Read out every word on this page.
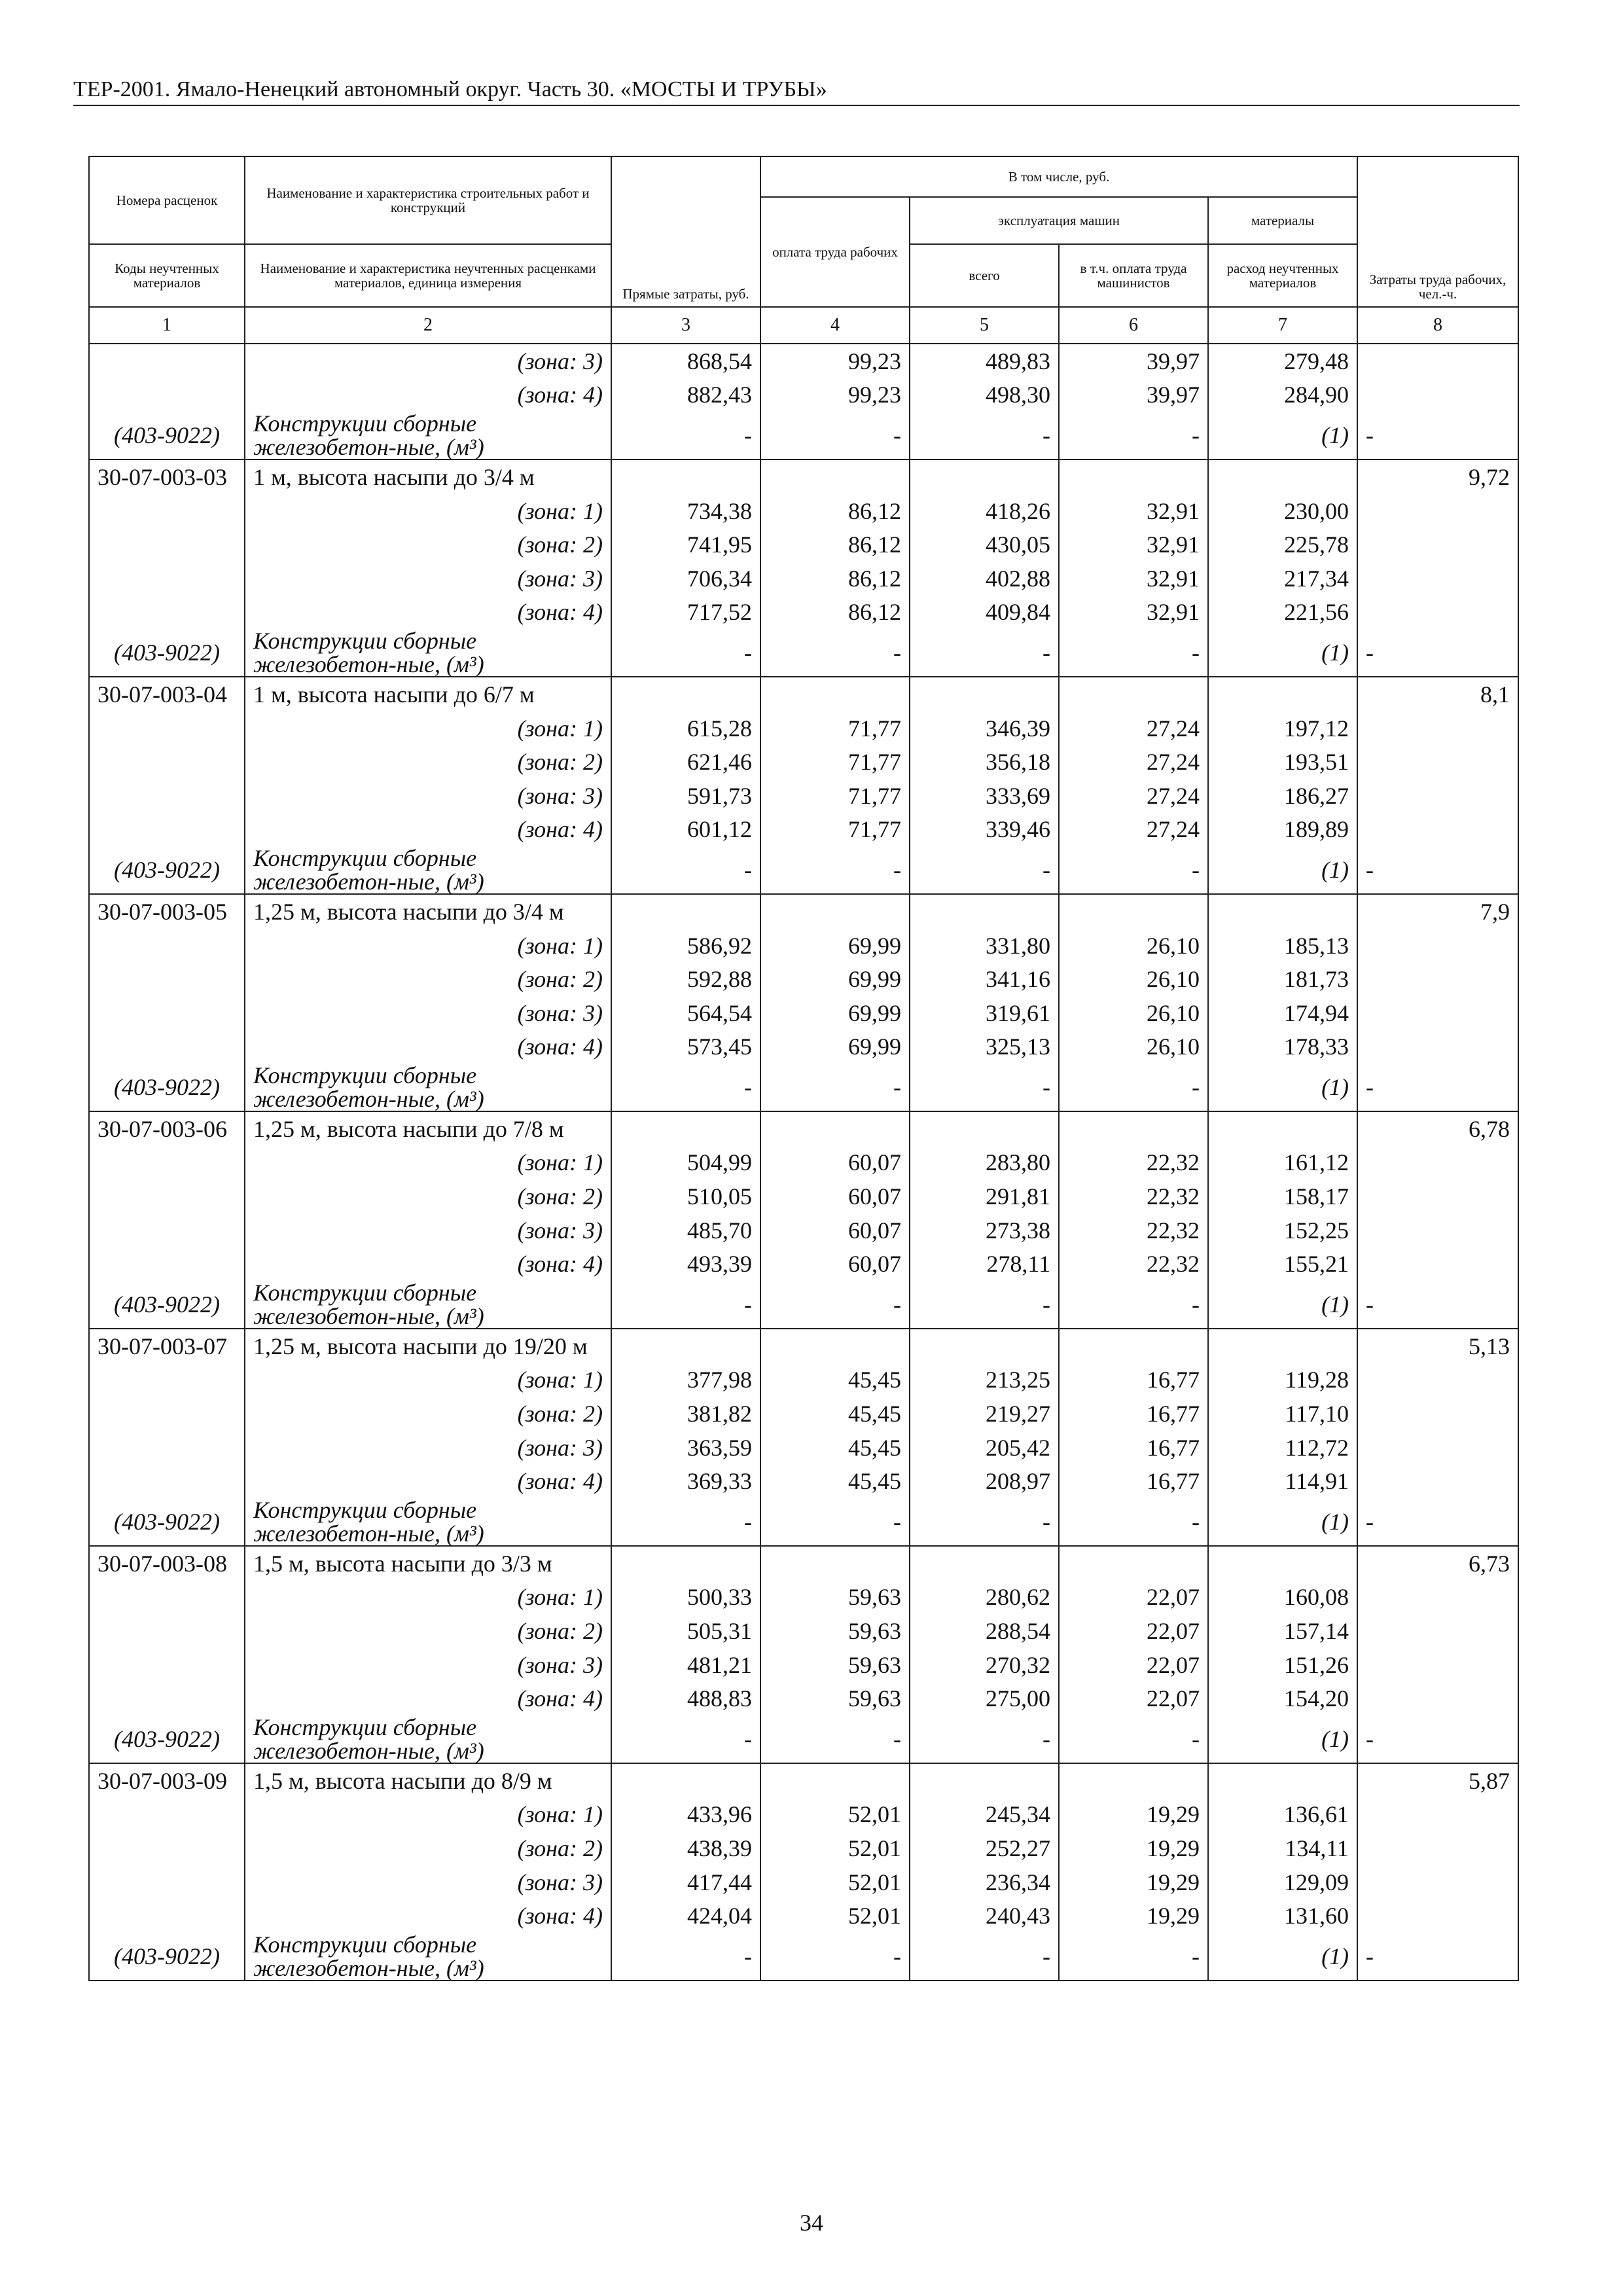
ТЕР-2001. Ямало-Ненецкий автономный округ. Часть 30. «МОСТЫ И ТРУБЫ»
Номера расценок	Наименование и характеристика строительных работ и конструкций	Прямые затраты, руб.	В том числе, руб.				Затраты труда рабочих, чел.-ч.
			оплата труда рабочих	эксплуатация машин		материалы	
Коды неучтенных материалов	Наименование и характеристика неучтенных расценками материалов, единица измерения			всего	в т.ч. оплата труда машинистов	расход неучтенных материалов	
1	2	3	4	5	6	7	8
	(зона: 3)	868,54	99,23	489,83	39,97	279,48	
	(зона: 4)	882,43	99,23	498,30	39,97	284,90	
(403-9022)	Конструкции сборные железобетон-ные, (м³)	-	-	-	-	(1)	-
30-07-003-03	1 м, высота насыпи до 3/4 м						9,72
	(зона: 1)	734,38	86,12	418,26	32,91	230,00	
	(зона: 2)	741,95	86,12	430,05	32,91	225,78	
	(зона: 3)	706,34	86,12	402,88	32,91	217,34	
	(зона: 4)	717,52	86,12	409,84	32,91	221,56	
(403-9022)	Конструкции сборные железобетон-ные, (м³)	-	-	-	-	(1)	-
30-07-003-04	1 м, высота насыпи до 6/7 м						8,1
	(зона: 1)	615,28	71,77	346,39	27,24	197,12	
	(зона: 2)	621,46	71,77	356,18	27,24	193,51	
	(зона: 3)	591,73	71,77	333,69	27,24	186,27	
	(зона: 4)	601,12	71,77	339,46	27,24	189,89	
(403-9022)	Конструкции сборные железобетон-ные, (м³)	-	-	-	-	(1)	-
30-07-003-05	1,25 м, высота насыпи до 3/4 м						7,9
	(зона: 1)	586,92	69,99	331,80	26,10	185,13	
	(зона: 2)	592,88	69,99	341,16	26,10	181,73	
	(зона: 3)	564,54	69,99	319,61	26,10	174,94	
	(зона: 4)	573,45	69,99	325,13	26,10	178,33	
(403-9022)	Конструкции сборные железобетон-ные, (м³)	-	-	-	-	(1)	-
30-07-003-06	1,25 м, высота насыпи до 7/8 м						6,78
	(зона: 1)	504,99	60,07	283,80	22,32	161,12	
	(зона: 2)	510,05	60,07	291,81	22,32	158,17	
	(зона: 3)	485,70	60,07	273,38	22,32	152,25	
	(зона: 4)	493,39	60,07	278,11	22,32	155,21	
(403-9022)	Конструкции сборные железобетон-ные, (м³)	-	-	-	-	(1)	-
30-07-003-07	1,25 м, высота насыпи до 19/20 м						5,13
	(зона: 1)	377,98	45,45	213,25	16,77	119,28	
	(зона: 2)	381,82	45,45	219,27	16,77	117,10	
	(зона: 3)	363,59	45,45	205,42	16,77	112,72	
	(зона: 4)	369,33	45,45	208,97	16,77	114,91	
(403-9022)	Конструкции сборные железобетон-ные, (м³)	-	-	-	-	(1)	-
30-07-003-08	1,5 м, высота насыпи до 3/3 м						6,73
	(зона: 1)	500,33	59,63	280,62	22,07	160,08	
	(зона: 2)	505,31	59,63	288,54	22,07	157,14	
	(зона: 3)	481,21	59,63	270,32	22,07	151,26	
	(зона: 4)	488,83	59,63	275,00	22,07	154,20	
(403-9022)	Конструкции сборные железобетон-ные, (м³)	-	-	-	-	(1)	-
30-07-003-09	1,5 м, высота насыпи до 8/9 м						5,87
	(зона: 1)	433,96	52,01	245,34	19,29	136,61	
	(зона: 2)	438,39	52,01	252,27	19,29	134,11	
	(зона: 3)	417,44	52,01	236,34	19,29	129,09	
	(зона: 4)	424,04	52,01	240,43	19,29	131,60	
(403-9022)	Конструкции сборные железобетон-ные, (м³)	-	-	-	-	(1)	-
34
